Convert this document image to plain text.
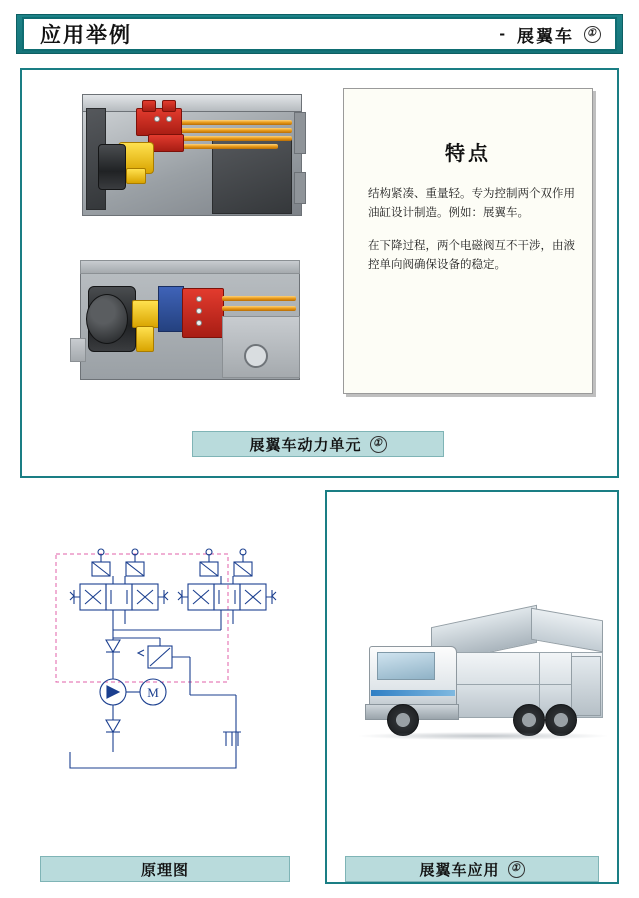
应用举例	- 展翼车	①
特点
结构紧凑、重量轻。专为控制两个双作用油缸设计制造。例如：展翼车。
在下降过程，两个电磁阀互不干涉，由液控单向阀确保设备的稳定。
展翼车动力单元	①
M
原理图	展翼车应用	①
